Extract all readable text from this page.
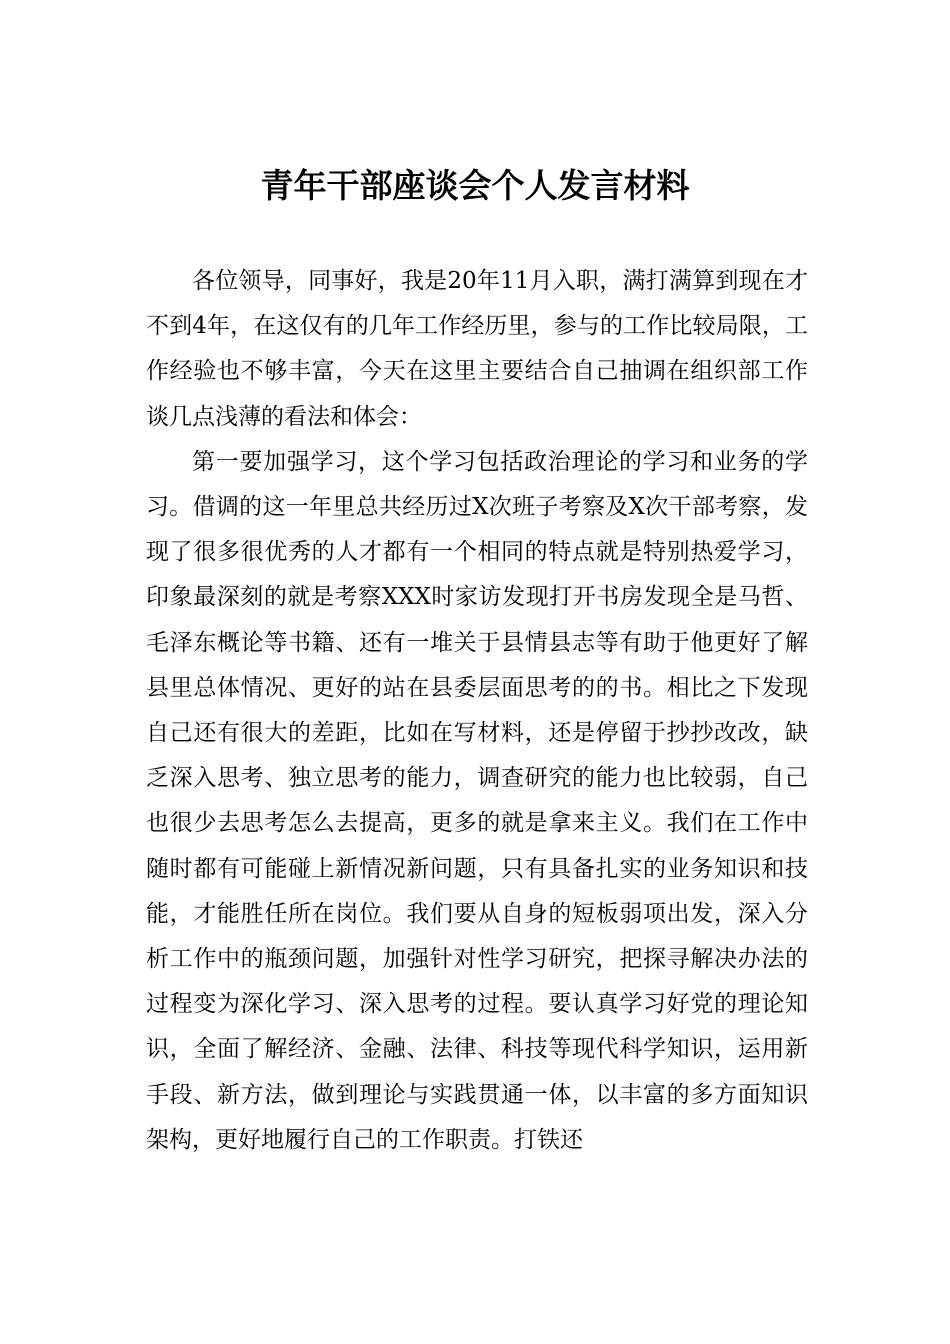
青年干部座谈会个人发言材料

各位领导，同事好，我是20年11月入职，满打满算到现在才不到4年，在这仅有的几年工作经历里，参与的工作比较局限，工作经验也不够丰富，今天在这里主要结合自己抽调在组织部工作谈几点浅薄的看法和体会：

第一要加强学习，这个学习包括政治理论的学习和业务的学习。借调的这一年里总共经历过X次班子考察及X次干部考察，发现了很多很优秀的人才都有一个相同的特点就是特别热爱学习，印象最深刻的就是考察XXX时家访发现打开书房发现全是马哲、毛泽东概论等书籍、还有一堆关于县情县志等有助于他更好了解县里总体情况、更好的站在县委层面思考的的书。相比之下发现自己还有很大的差距，比如在写材料，还是停留于抄抄改改，缺乏深入思考、独立思考的能力，调查研究的能力也比较弱，自己也很少去思考怎么去提高，更多的就是拿来主义。我们在工作中随时都有可能碰上新情况新问题，只有具备扎实的业务知识和技能，才能胜任所在岗位。我们要从自身的短板弱项出发，深入分析工作中的瓶颈问题，加强针对性学习研究，把探寻解决办法的过程变为深化学习、深入思考的过程。要认真学习好党的理论知识，全面了解经济、金融、法律、科技等现代科学知识，运用新手段、新方法，做到理论与实践贯通一体，以丰富的多方面知识架构，更好地履行自己的工作职责。打铁还
